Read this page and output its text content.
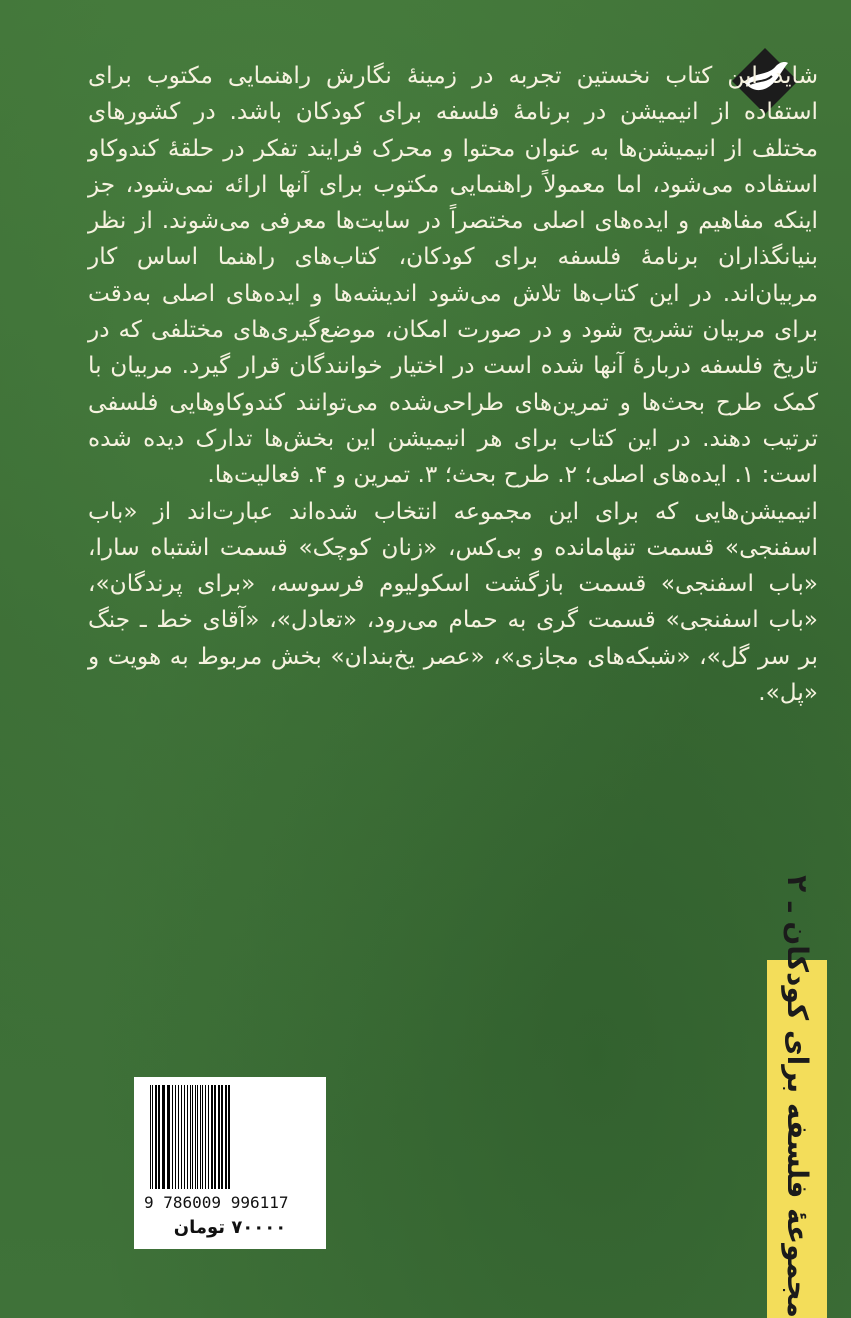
شاید این کتاب نخستین تجربه در زمینهٔ نگارش راهنمایی مکتوب برای استفاده از انیمیشن در برنامهٔ فلسفه برای کودکان باشد. در کشورهای مختلف از انیمیشن‌ها به عنوان محتوا و محرک فرایند تفکر در حلقهٔ کندوکاو استفاده می‌شود، اما معمولاً راهنمایی مکتوب برای آنها ارائه نمی‌شود، جز اینکه مفاهیم و ایده‌های اصلی مختصراً در سایت‌ها معرفی می‌شوند. از نظر بنیانگذاران برنامهٔ فلسفه برای کودکان، کتاب‌های راهنما اساس کار مربیان‌اند. در این کتاب‌ها تلاش می‌شود اندیشه‌ها و ایده‌های اصلی به‌دقت برای مربیان تشریح شود و در صورت امکان، موضع‌گیری‌های مختلفی که در تاریخ فلسفه دربارهٔ آنها شده است در اختیار خوانندگان قرار گیرد. مربیان با کمک طرح بحث‌ها و تمرین‌های طراحی‌شده می‌توانند کندوکاوهایی فلسفی ترتیب دهند. در این کتاب برای هر انیمیشن این بخش‌ها تدارک دیده شده است: ۱. ایده‌های اصلی؛ ۲. طرح بحث؛ ۳. تمرین و ۴. فعالیت‌ها.

انیمیشن‌هایی که برای این مجموعه انتخاب شده‌اند عبارت‌اند از «باب اسفنجی» قسمت تنهامانده و بی‌کس، «زنان کوچک» قسمت اشتباه سارا، «باب اسفنجی» قسمت بازگشت اسکولیوم فرسوسه، «برای پرندگان»، «باب اسفنجی» قسمت گری به حمام می‌رود، «تعادل»، «آقای خط ـ جنگ بر سر گل»، «شبکه‌های مجازی»، «عصر یخ‌بندان» بخش مربوط به هویت و «پل».

مجموعهٔ فلسفه برای کودکان ـ ۲
9 786009 996117
۷۰۰۰۰ تومان
